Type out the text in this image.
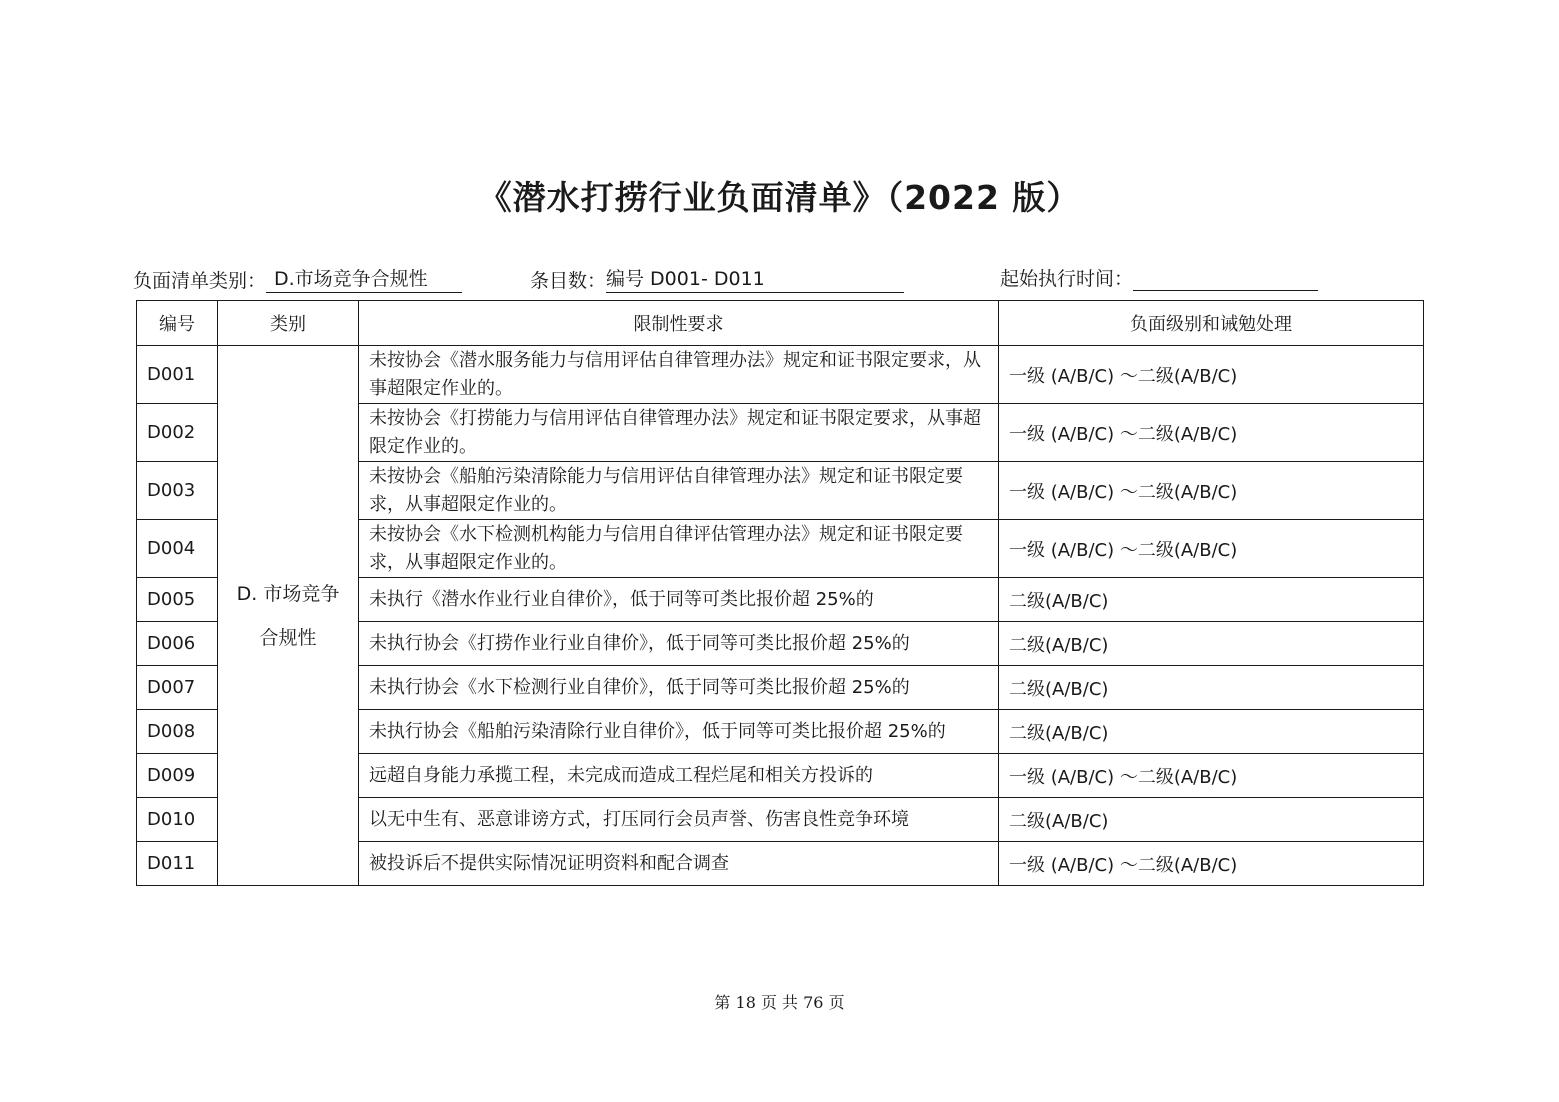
《潜水打捞行业负面清单》（2022 版）
负面清单类别： D.市场竞争合规性	条目数：编号 D001- D011	起始执行时间：
编号	类别	限制性要求	负面级别和诫勉处理
D001	D. 市场竞争合规性	未按协会《潜水服务能力与信用评估自律管理办法》规定和证书限定要求，从事超限定作业的。	一级 (A/B/C) ～二级(A/B/C)
D002		未按协会《打捞能力与信用评估自律管理办法》规定和证书限定要求，从事超限定作业的。	一级 (A/B/C) ～二级(A/B/C)
D003		未按协会《船舶污染清除能力与信用评估自律管理办法》规定和证书限定要求，从事超限定作业的。	一级 (A/B/C) ～二级(A/B/C)
D004		未按协会《水下检测机构能力与信用自律评估管理办法》规定和证书限定要求，从事超限定作业的。	一级 (A/B/C) ～二级(A/B/C)
D005		未执行《潜水作业行业自律价》，低于同等可类比报价超 25%的	二级(A/B/C)
D006		未执行协会《打捞作业行业自律价》，低于同等可类比报价超 25%的	二级(A/B/C)
D007		未执行协会《水下检测行业自律价》，低于同等可类比报价超 25%的	二级(A/B/C)
D008		未执行协会《船舶污染清除行业自律价》，低于同等可类比报价超 25%的	二级(A/B/C)
D009		远超自身能力承揽工程，未完成而造成工程烂尾和相关方投诉的	一级 (A/B/C) ～二级(A/B/C)
D010		以无中生有、恶意诽谤方式，打压同行会员声誉、伤害良性竞争环境	二级(A/B/C)
D011		被投诉后不提供实际情况证明资料和配合调查	一级 (A/B/C) ～二级(A/B/C)
第 18 页 共 76 页
